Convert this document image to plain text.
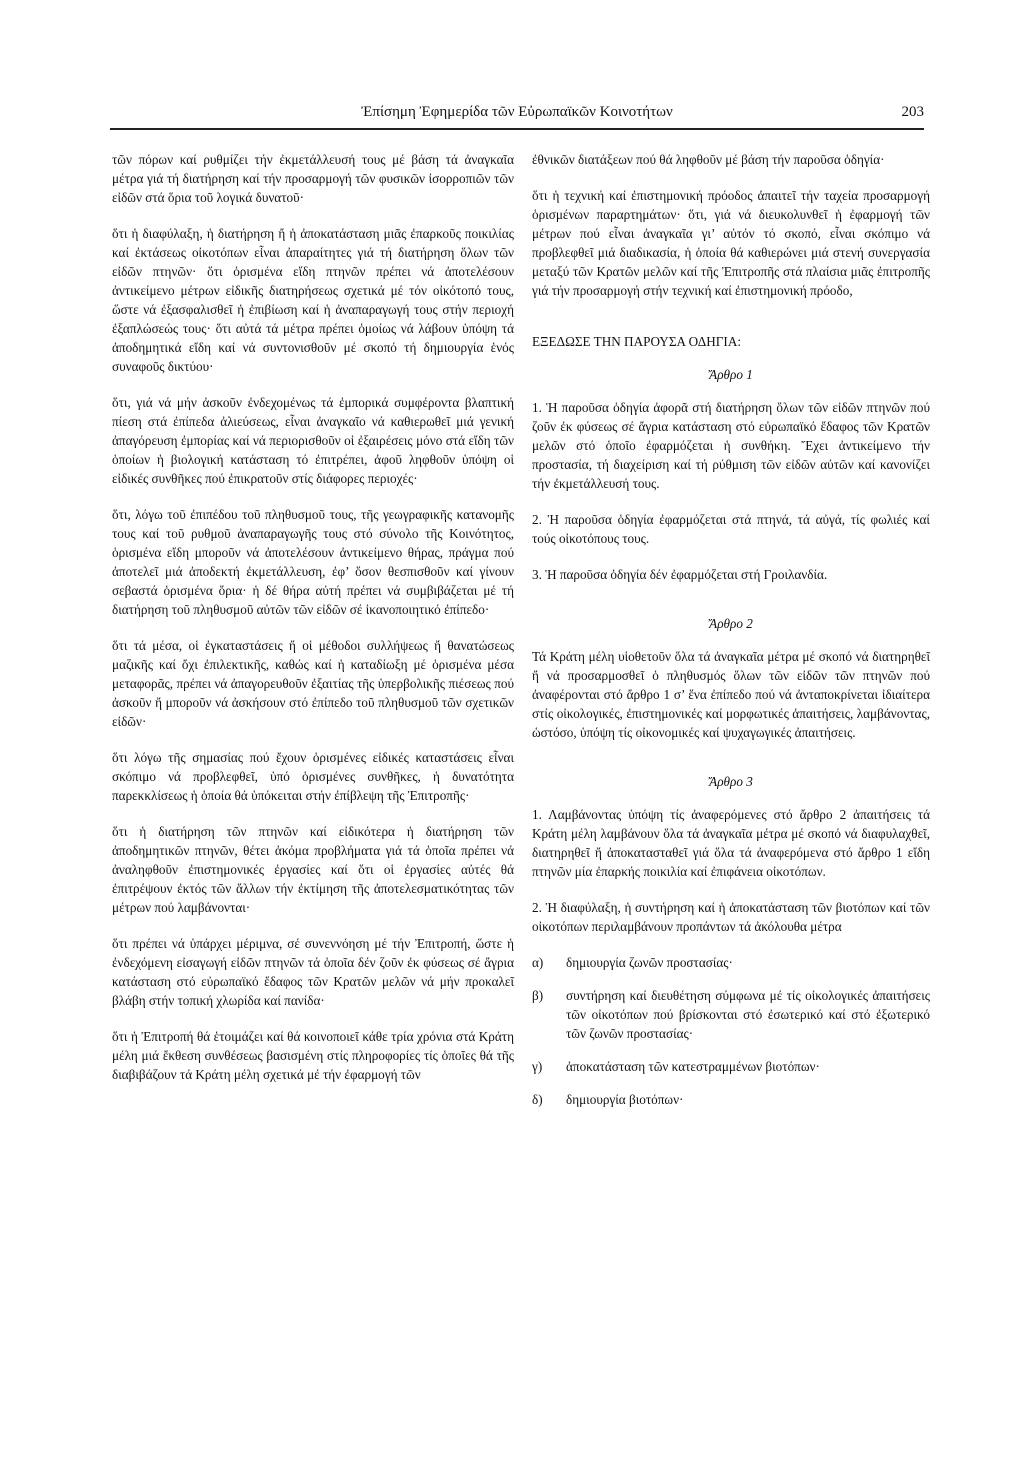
Ἐπίσημη Ἐφημερίδα τῶν Εὐρωπαϊκῶν Κοινοτήτων	203

τῶν πόρων καί ρυθμίζει τήν ἐκμετάλλευσή τους μέ βάση τά ἀναγκαῖα μέτρα γιά τή διατήρηση καί τήν προσαρμογή τῶν φυσικῶν ἰσορροπιῶν τῶν εἰδῶν στά ὅρια τοῦ λογικά δυνατοῦ·

ὅτι ἡ διαφύλαξη, ἡ διατήρηση ἤ ἡ ἀποκατάσταση μιᾶς ἐπαρκοῦς ποικιλίας καί ἐκτάσεως οἰκοτόπων εἶναι ἀπαραίτητες γιά τή διατήρηση ὅλων τῶν εἰδῶν πτηνῶν· ὅτι ὁρισμένα εἴδη πτηνῶν πρέπει νά ἀποτελέσουν ἀντικείμενο μέτρων εἰδικῆς διατηρήσεως σχετικά μέ τόν οἰκότοπό τους, ὥστε νά ἐξασφαλισθεῖ ἡ ἐπιβίωση καί ἡ ἀναπαραγωγή τους στήν περιοχή ἐξαπλώσεώς τους· ὅτι αὐτά τά μέτρα πρέπει ὁμοίως νά λάβουν ὑπόψη τά ἀποδημητικά εἴδη καί νά συντονισθοῦν μέ σκοπό τή δημιουργία ἑνός συναφοῦς δικτύου·

ὅτι, γιά νά μήν ἀσκοῦν ἐνδεχομένως τά ἐμπορικά συμφέροντα βλαπτική πίεση στά ἐπίπεδα ἀλιεύσεως, εἶναι ἀναγκαῖο νά καθιερωθεῖ μιά γενική ἀπαγόρευση ἐμπορίας καί νά περιορισθοῦν οἱ ἐξαιρέσεις μόνο στά εἴδη τῶν ὁποίων ἡ βιολογική κατάσταση τό ἐπιτρέπει, ἀφοῦ ληφθοῦν ὑπόψη οἱ εἰδικές συνθῆκες πού ἐπικρατοῦν στίς διάφορες περιοχές·

ὅτι, λόγω τοῦ ἐπιπέδου τοῦ πληθυσμοῦ τους, τῆς γεωγραφικῆς κατανομῆς τους καί τοῦ ρυθμοῦ ἀναπαραγωγῆς τους στό σύνολο τῆς Κοινότητος, ὁρισμένα εἴδη μποροῦν νά ἀποτελέσουν ἀντικείμενο θήρας, πράγμα πού ἀποτελεῖ μιά ἀποδεκτή ἐκμετάλλευση, ἐφ’ ὅσον θεσπισθοῦν καί γίνουν σεβαστά ὁρισμένα ὅρια· ἡ δέ θήρα αὐτή πρέπει νά συμβιβάζεται μέ τή διατήρηση τοῦ πληθυσμοῦ αὐτῶν τῶν εἰδῶν σέ ἱκανοποιητικό ἐπίπεδο·

ὅτι τά μέσα, οἱ ἐγκαταστάσεις ἤ οἱ μέθοδοι συλλήψεως ἤ θανατώσεως μαζικῆς καί ὄχι ἐπιλεκτικῆς, καθώς καί ἡ καταδίωξη μέ ὁρισμένα μέσα μεταφορᾶς, πρέπει νά ἀπαγορευθοῦν ἐξαιτίας τῆς ὑπερβολικῆς πιέσεως πού ἀσκοῦν ἤ μποροῦν νά ἀσκήσουν στό ἐπίπεδο τοῦ πληθυσμοῦ τῶν σχετικῶν εἰδῶν·

ὅτι λόγω τῆς σημασίας πού ἔχουν ὁρισμένες εἰδικές καταστάσεις εἶναι σκόπιμο νά προβλεφθεῖ, ὑπό ὁρισμένες συνθῆκες, ἡ δυνατότητα παρεκκλίσεως ἡ ὁποία θά ὑπόκειται στήν ἐπίβλεψη τῆς Ἐπιτροπῆς·

ὅτι ἡ διατήρηση τῶν πτηνῶν καί εἰδικότερα ἡ διατήρηση τῶν ἀποδημητικῶν πτηνῶν, θέτει ἀκόμα προβλήματα γιά τά ὁποῖα πρέπει νά ἀναληφθοῦν ἐπιστημονικές ἐργασίες καί ὅτι οἱ ἐργασίες αὐτές θά ἐπιτρέψουν ἐκτός τῶν ἄλλων τήν ἐκτίμηση τῆς ἀποτελεσματικότητας τῶν μέτρων πού λαμβάνονται·

ὅτι πρέπει νά ὑπάρχει μέριμνα, σέ συνεννόηση μέ τήν Ἐπιτροπή, ὥστε ἡ ἐνδεχόμενη εἰσαγωγή εἰδῶν πτηνῶν τά ὁποῖα δέν ζοῦν ἐκ φύσεως σέ ἄγρια κατάσταση στό εὐρωπαϊκό ἔδαφος τῶν Κρατῶν μελῶν νά μήν προκαλεῖ βλάβη στήν τοπική χλωρίδα καί πανίδα·

ὅτι ἡ Ἐπιτροπή θά ἑτοιμάζει καί θά κοινοποιεῖ κάθε τρία χρόνια στά Κράτη μέλη μιά ἔκθεση συνθέσεως βασισμένη στίς πληροφορίες τίς ὁποῖες θά τῆς διαβιβάζουν τά Κράτη μέλη σχετικά μέ τήν ἐφαρμογή τῶν

ἐθνικῶν διατάξεων πού θά ληφθοῦν μέ βάση τήν παροῦσα ὁδηγία·

ὅτι ἡ τεχνική καί ἐπιστημονική πρόοδος ἀπαιτεῖ τήν ταχεία προσαρμογή ὁρισμένων παραρτημάτων· ὅτι, γιά νά διευκολυνθεῖ ἡ ἐφαρμογή τῶν μέτρων πού εἶναι ἀναγκαῖα γι’ αὐτόν τό σκοπό, εἶναι σκόπιμο νά προβλεφθεῖ μιά διαδικασία, ἡ ὁποία θά καθιερώνει μιά στενή συνεργασία μεταξύ τῶν Κρατῶν μελῶν καί τῆς Ἐπιτροπῆς στά πλαίσια μιᾶς ἐπιτροπῆς γιά τήν προσαρμογή στήν τεχνική καί ἐπιστημονική πρόοδο,

ΕΞΕΔΩΣΕ ΤΗΝ ΠΑΡΟΥΣΑ ΟΔΗΓΙΑ:

Ἄρθρο 1

1. Ἡ παροῦσα ὁδηγία ἀφορᾶ στή διατήρηση ὅλων τῶν εἰδῶν πτηνῶν πού ζοῦν ἐκ φύσεως σέ ἄγρια κατάσταση στό εὐρωπαϊκό ἔδαφος τῶν Κρατῶν μελῶν στό ὁποῖο ἐφαρμόζεται ἡ συνθήκη. Ἔχει ἀντικείμενο τήν προστασία, τή διαχείριση καί τή ρύθμιση τῶν εἰδῶν αὐτῶν καί κανονίζει τήν ἐκμετάλλευσή τους.

2. Ἡ παροῦσα ὁδηγία ἐφαρμόζεται στά πτηνά, τά αὐγά, τίς φωλιές καί τούς οἰκοτόπους τους.

3. Ἡ παροῦσα ὁδηγία δέν ἐφαρμόζεται στή Γροιλανδία.

Ἄρθρο 2

Τά Κράτη μέλη υἱοθετοῦν ὅλα τά ἀναγκαῖα μέτρα μέ σκοπό νά διατηρηθεῖ ἤ νά προσαρμοσθεῖ ὁ πληθυσμός ὅλων τῶν εἰδῶν τῶν πτηνῶν πού ἀναφέρονται στό ἄρθρο 1 σ’ ἕνα ἐπίπεδο πού νά ἀνταποκρίνεται ἰδιαίτερα στίς οἰκολογικές, ἐπιστημονικές καί μορφωτικές ἀπαιτήσεις, λαμβάνοντας, ὡστόσο, ὑπόψη τίς οἰκονομικές καί ψυχαγωγικές ἀπαιτήσεις.

Ἄρθρο 3

1. Λαμβάνοντας ὑπόψη τίς ἀναφερόμενες στό ἄρθρο 2 ἀπαιτήσεις τά Κράτη μέλη λαμβάνουν ὅλα τά ἀναγκαῖα μέτρα μέ σκοπό νά διαφυλαχθεῖ, διατηρηθεῖ ἤ ἀποκατασταθεῖ γιά ὅλα τά ἀναφερόμενα στό ἄρθρο 1 εἴδη πτηνῶν μία ἐπαρκής ποικιλία καί ἐπιφάνεια οἰκοτόπων.

2. Ἡ διαφύλαξη, ἡ συντήρηση καί ἡ ἀποκατάσταση τῶν βιοτόπων καί τῶν οἰκοτόπων περιλαμβάνουν προπάντων τά ἀκόλουθα μέτρα

α)	δημιουργία ζωνῶν προστασίας·
β)	συντήρηση καί διευθέτηση σύμφωνα μέ τίς οἰκολογικές ἀπαιτήσεις τῶν οἰκοτόπων πού βρίσκονται στό ἐσωτερικό καί στό ἐξωτερικό τῶν ζωνῶν προστασίας·
γ)	ἀποκατάσταση τῶν κατεστραμμένων βιοτόπων·
δ)	δημιουργία βιοτόπων·
